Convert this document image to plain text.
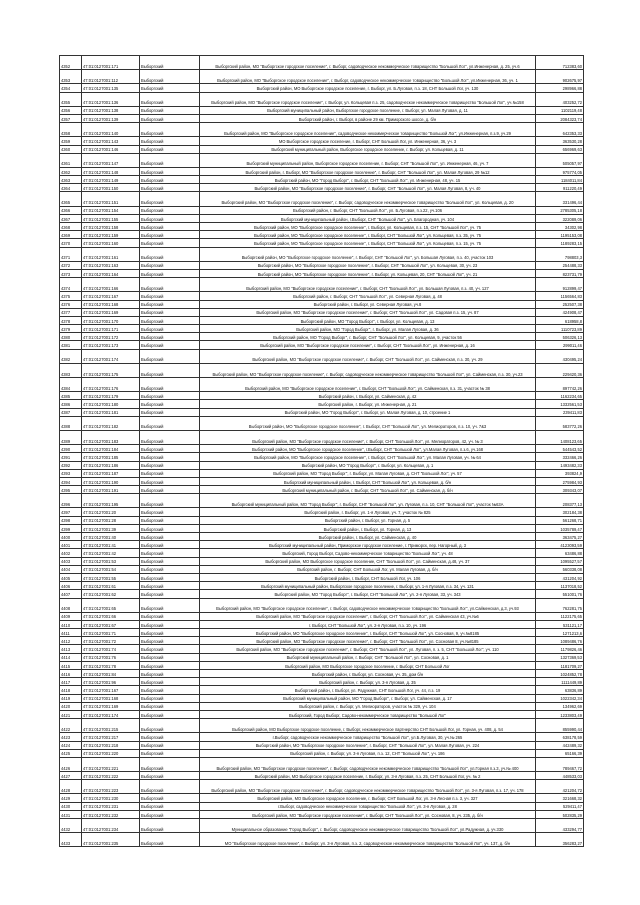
4352	47:01:0127001:171	Выборгский	Выборгский район, МО "Выборгское городское поселение", г. Выборг, садоводческое некоммерческое товарищество "Большой Лог", ул.Инженерная, д. 25, уч.6	712383,60
4353	47:01:0127001:112	Выборгский	Выборгский район, МО "Выборгское городское поселение", г. Выборг, садоводческое некоммерческое товарищество "Большой Лог", ул.Инженерная, 36, уч. 1	902675,97
4354	47:01:0127001:135	Выборгский	Выборгский район, МО Выборгское городское поселение, г. Выборг, ул. Б.Луговая, п.з. 18, СНТ Большой Лог, уч. 130	298966,88
4355	47:01:0127001:136	Выборгский	Выборгский район, МО "Выборгское городское поселение", г. Выборг, ул. Кольцевая п.з. 25, садоводческое некоммерческое товарищество "Большой Лог", уч.№158	403252,72
4356	47:01:0127001:138	Выборгский	Выборгский муниципальный район, Выборгское городское поселение, г. Выборг, ул. Малая Луговая, д. 11	1102119,48
4357	47:01:0127001:139	Выборгский	Выборгский район, г. Выборг, в районе 29 км. Приморского шоссе, д. б/н	2084323,74
4358	47:01:0127001:140	Выборгский	Выборгский район, МО "Выборгское городское поселение", садоводческое некоммерческое товарищество "Большой Лог", ул.Инженерная, п.з.9, уч.29	642353,33
4359	47:01:0127001:143	Выборгский	МО Выборгское городское поселение, г. Выборг, СНТ Большой Лог, ул. Инженерная, 36, уч. 3	363530,28
4360	47:01:0127001:146	Выборгский	Выборгский муниципальный район, Выборгское городское поселение, г. Выборг, ул. Кольцевая, д. 11	656969,63
4361	47:01:0127001:147	Выборгский	Выборгский муниципальный район, Выборгское городское поселение, г. Выборг, СНТ "Большой Лог", ул. Инженерная, 46, уч. 7	505057,97
4362	47:01:0127001:148	Выборгский	Выборгский район, г. Выборг, МО "Выборгское городское поселение", г. Выборг, СНТ "Большой Лог", ул. Малая Луговая, 29 №12	975774,05
4363	47:01:0127001:149	Выборгский	Выборгский район, МО "Город Выборг", г. Выборг, СНТ "Большой Лог", ул. Инженерная, 48, уч. 15	1184011,84
4364	47:01:0127001:150	Выборгский	Выборгский район, МО "Выборгское городское поселение", г. Выборг, СНТ "Большой Лог", ул. Малая Луговая, 8, уч. 40	911220,49
4365	47:01:0127001:151	Выборгский	Выборгский район, МО "Выборгское городское поселение", г. Выборг, садоводческое некоммерческое товарищество "Большой Лог", ул. Кольцевая, д. 20	331496,44
4366	47:01:0127001:154	Выборгский	Выборгский район, г. Выборг, СНТ "Большой Лог", ул. Б.Луговая, п.з.22, уч.106	2785305,18
4367	47:01:0127001:155	Выборгский	Выборгский муниципальный район, г.Выборг, СНТ "Большой Лог", ул. Благородная, уч. 104	322089,06
4368	47:01:0127001:158	Выборгский	Выборгский район, МО "Выборгское городское поселение", г. Выборг, ул. Кольцевая, п.з. 15, СНТ "Большой Лог", уч. 75	34302,98
4369	47:01:0127001:159	Выборгский	Выборгский район, МО "Выборгское городское поселение", г. Выборг, СНТ "Большой Лог", ул. Кольцевая, п.з. 35, уч. 75	1195153,08
4370	47:01:0127001:160	Выборгский	Выборгский район, МО "Выборгское городское поселение", г. Выборг, СНТ "Большой Лог", ул. Кольцевая, п.з. 15, уч. 75	1189283,15
4371	47:01:0127001:161	Выборгский	Выборгский район, МО "Выборгское городское поселение", г. Выборг, СНТ "Большой Лог", ул. Большая Луговая, п.з. 40, участок 103	798803,3
4372	47:01:0127001:163	Выборгский	Выборгский район, МО "Выборгское городское поселение", г. Выборг, СНТ "Большой Лог", ул. Кольцевая, 30, уч. 23	254488,33
4373	47:01:0127001:164	Выборгский	Выборгский район, МО "Выборгское городское поселение", г. Выборг, ул. Кольцевая, 20, СНТ "Большой Лог", уч. 21	823731,79
4374	47:01:0127001:166	Выборгский	Выборгский район, МО "Выборгское городское поселение", г. Выборг, СНТ "Большой Лог", ул. Большая Луговая, п.з. 40, уч. 127	912899,47
4375	47:01:0127001:167	Выборгский	Выборгский район, г. Выборг, СНТ "Большой Лог", ул. Северная Луговая, д. 48	1156564,83
4376	47:01:0127001:168	Выборгский	Выборгский район, г. Выборг, ул. Северная Луговая, уч.8	252507,38
4377	47:01:0127001:169	Выборгский	Выборгский район, МО "Выборгское городское поселение", г. Выборг, СНТ "Большой Лог", ул. Садовая п.з. 15, уч. 87	424908,47
4378	47:01:0127001:170	Выборгский	Выборгский район, МО "Город Выборг", г. Выборг, ул. Кольцевая, д. 13	618958,8
4379	47:01:0127001:171	Выборгский	Выборгский район, МО "Город Выборг", г. Выборг, ул. Малая Луговая, д. 36	1110723,89
4380	47:01:0127001:172	Выборгский	Выборгский район, МО "Город Выборг", г. Выборг, СНТ "Большой Лог", ул. Кольцевая, 9, участок 56	506326,13
4381	47:01:0127001:173	Выборгский	Выборгский район, МО "Выборгское городское поселение", г. Выборг, СНТ "Большой Лог", ул. Инженерная, д. 16	299011,46
4382	47:01:0127001:174	Выборгский	Выборгский район, МО "Выборгское городское поселение", г. Выборг, СНТ "Большой Лог", ул. Сайменская, п.з. 30, уч. 29	430495,24
4383	47:01:0127001:175	Выборгский	Выборгский район, МО "Выборгское городское поселение", г. Выборг, садоводческое некоммерческое товарищество "Большой Лог", ул. Сайменская, п.з. 30, уч.23	229420,36
4384	47:01:0127001:176	Выборгский	Выборгский район, МО "Выборгское городское поселение", г. Выборг, СНТ "Большой Лог", ул. Сайменская, п.з. 31, участок № 38	897742,26
4385	47:01:0127001:179	Выборгский	Выборгский район, г. Выборг, ул. Сайменская, д. 42	1162234,65
4386	47:01:0127001:180	Выборгский	Выборгский район, г. Выборг, ул. Инженерная, д. 21	1332561,53
4387	47:01:0127001:181	Выборгский	Выборгский район, МО "Город Выборг", г. Выборг, ул. Малая Луговая, д. 10, строение 1	239411,83
4388	47:01:0127001:182	Выборгский	Выборгский район, МО "Выборгское городское поселение", г. Выборг, СНТ "Большой Лог", ул. Мелиораторов, п.з. 10, уч. 7&3	583772,26
4389	47:01:0127001:183	Выборгский	Выборгский район, МО "Выборгское городское поселение", г. Выборг, СНТ "Большой Лог", ул. Мелиораторов, 42, уч. № 3	1408123,65
4390	47:01:0127001:184	Выборгский	Выборгский район, МО "Выборгское городское поселение", г.Выборг, СНТ "Большой Лог", ул.Малая Луговая, п.з.6, уч.168	544543,52
4391	47:01:0127001:185	Выборгский	Выборгский район, МО "Выборгское городское поселение", г. Выборг, СНТ "Большой Лог", ул. Малая Луговая, уч. № 64	332466,26
4392	47:01:0127001:186	Выборгский	Выборгский район, МО "Город Выборг", г. Выборг, ул. Кольцевая, д. 1	1493482,33
4393	47:01:0127001:187	Выборгский	Выборгский район, МО "Город Выборг", г. Выборг, ул. Малая Луговая, д. СНТ "Большой Лог", уч. 57	393824,9
4394	47:01:0127001:190	Выборгский	Выборгский муниципальный район, г. Выборг, СНТ "Большой Лог", ул. Кольцевая, д. б/н	275984,93
4395	47:01:0127001:191	Выборгский	Выборгский муниципальный район, г. Выборг, СНТ "Большой Лог", ул. Сайменская, д. б/н	309343,07
4396	47:01:0127001:195	Выборгский	Выборгский муниципальный район, МО "Город Выборг", г. Выборг, СНТ "Большой Лог", ул. Луговая, п.з. 10, СНТ "Большой Лог", участок №63А	208377,13
4397	47:01:0127001:20	Выборгский	Выборгский район, г. Выборг, ул. 1-я Луговая, уч. 7, участок № 825	302184,38
4398	47:01:0127001:28	Выборгский	Выборгский район, г. Выборг, ул. Горная, д. 5	561268,71
4399	47:01:0127001:39	Выборгский	Выборгский район, г. Выборг, ул. Горная, д. 13	1035789,47
4400	47:01:0127001:40	Выборгский	Выборгский район, г. Выборг, ул. Сайменская, д. 40	363475,27
4401	47:01:0127001:41	Выборгский	Выборгский муниципальный район, Приморское городское поселение, г. Приморск, пер. Нагорный, д. 3	4123093,59
4402	47:01:0127001:42	Выборгский	Выборгский, Город Выборг, Садово-некоммерческое товарищество "Большой Лог", уч. 48	63486,88
4403	47:01:0127001:53	Выборгский	Выборгский район, МО Выборгское городское поселение, СНТ "Большой Лог", ул. Сайменская, д.48, уч. 37	1095527,57
4404	47:01:0127001:54	Выборгский	Выборгский район, г. Выборг, СНТ Большой Лог, ул. Малая Луговая, д. б/н	560338,08
4405	47:01:0127001:55	Выборгский	Выборгский район, г. Выборг, СНТ Большой Лог, уч. 106	431204,92
4406	47:01:0127001:61	Выборгский	Выборгский муниципальный район, Выборгское городское поселение, г. Выборг, ул. 1-я Луговая, п.з. 34, уч. 131	1137018,52
4407	47:01:0127001:62	Выборгский	Выборгский район, МО "Город Выборг", г. Выборг, СНТ "Большой Лог", ул. 2-я Луговая, 33, уч. 343	551001,76
4408	47:01:0127001:65	Выборгский	Выборгский район, МО "Выборгское городское поселение", г. Выборг, садоводческое некоммерческое товарищество "Большой Лог", ул.Сайменская, д.3, уч.93	762281,75
4409	47:01:0127001:66	Выборгский	Выборгский район, МО "Выборгское городское поселение", г. Выборг, СНТ "Большой Лог", ул. Сайменская 43, уч.№6	1122175,65
4410	47:01:0127001:67	Выборгский	г. Выборг, СНТ "Большой Лог", ул. 2-я Луговая, п.з. 10, уч. 196	531121,17
4411	47:01:0127001:71	Выборгский	Выборгский район, МО "Выборгское городское поселение", г. Выборг, СНТ "Большой Лог", ул. Сосновая, 9, уч.№8185	1271213,6
4412	47:01:0127001:72	Выборгский	Выборгский район, МО "Выборгское городское поселение", г. Выборг, СНТ "Большой Лог", ул. Сосновая 8, уч.№8185	1089486,76
4413	47:01:0127001:74	Выборгский	Выборгский район, МО "Выборгское городское поселение", г. Выборг, СНТ "Большой Лог", ул. Луговая, п. з. 5, СНТ "Большой Лог", уч. 110	1179826,46
4414	47:01:0127001:76	Выборгский	Выборгский муниципальный район, г. Выборг, СНТ "Большой Лог", ул. Сосновая, д. 1	1327369,53
4415	47:01:0127001:78	Выборгский	Выборгский район, МО Выборгское городское поселение, г. Выборг, СНТ Большой Лог	1181709,27
4416	47:01:0127001:84	Выборгский	Выборгский район, г. Выборг, ул. Сосновая, уч. 35, дом б/н	1024852,78
4417	47:01:0127001:96	Выборгский	Выборгский район, г. Выборг, ул. 3-я Луговая, д. 35	1111449,89
4418	47:01:0127001:167	Выборгский	Выборгский район, г. Выборг, ул. Радужная, СНТ Большой Лог, уч. 44, п.з. 19	63836,89
4419	47:01:0127001:168	Выборгский	Выборгский муниципальный район, МО "Город Выборг", г. Выборг, ул. Сайменская, д. 17	1022342,34
4420	47:01:0127001:169	Выборгский	Выборгский район, г. Выборг, ул. Мелиораторов, участок № 329, уч. 104	134962,69
4421	47:01:0127001:174	Выборгский	Выборгский, Город Выборг, Садово-некоммерческое товарищество "Большой Лог"	1233803,49
4422	47:01:0127001:215	Выборгский	Выборгский район, МО Выборгское городское поселение, г. Выборг, некоммерческое партнерство СНТ Большой Лог, ул. Горная, уч. 408, д. 54	855990,44
4423	47:01:0127001:217	Выборгский	г.Выборг, садоводческое некоммерческое товарищество "Большой Лог", ул.Б.Луговая, 30, уч.№ 265	638178,59
4424	47:01:0127001:218	Выборгский	Выборгский район, МО "Выборгское городское поселение", г. Выборг, СНТ "Большой Лог", ул. Малая Луговая, уч. 224	442489,32
4425	47:01:0127001:220	Выборгский	Выборгский район, г. Выборг, ул. 3-я Луговая, п.з. 12, СНТ "Большой Лог", уч. 186	65166,39
4426	47:01:0127001:221	Выборгский	Выборгский район, МО "Выборгское городское поселение", г. Выборг, садоводческое некоммерческое товарищество "Большой Лог", ул.Горная п.з.3, уч.№ 400	789467,72
4427	47:01:0127001:222	Выборгский	Выборгский район, МО Выборгское городское поселение, г. Выборг, ул. 3-я Луговая, п.з. 25, СНТ Большой Лог, уч. № 2	448533,03
4428	47:01:0127001:223	Выборгский	Выборгский район, МО "Выборгское городское поселение", г. Выборг, садоводческое некоммерческое товарищество "Большой Лог", ул. 3-я Луговая, п.з. 17, уч. 178	421204,72
4429	47:01:0127001:230	Выборгский	Выборгский район, МО Выборгское городское поселение, г. Выборг, СНТ Большой Лог, ул. 3-я Лесная п.з. 3, уч. 327	321668,32
4430	47:01:0127001:231	Выборгский	г.Выборг, садоводческое некоммерческое товарищество "Большой Лог", ул. 3-я Луговая, д. 28	529411,47
4431	47:01:0127001:232	Выборгский	Выборгский район, МО "Выборгское городское поселение", г. Выборг, СНТ "Большой Лог", ул. Сосновая, 8, уч. 235, д. б/н	502835,29
4432	47:01:0127001:234	Выборгский	Муниципальное образование "Город Выборг", г. Выборг, садоводческое некоммерческое товарищество "Большой Лог", ул.Радужная, д. уч.330	433294,77
4433	47:01:0127001:235	Выборгский	МО "Выборгское городское поселение", г. Выборг, ул. 3-я Луговая, п.з. 2, садоводческое некоммерческое товарищество "Большой Лог", уч. 137, д. б/н	356283,27
